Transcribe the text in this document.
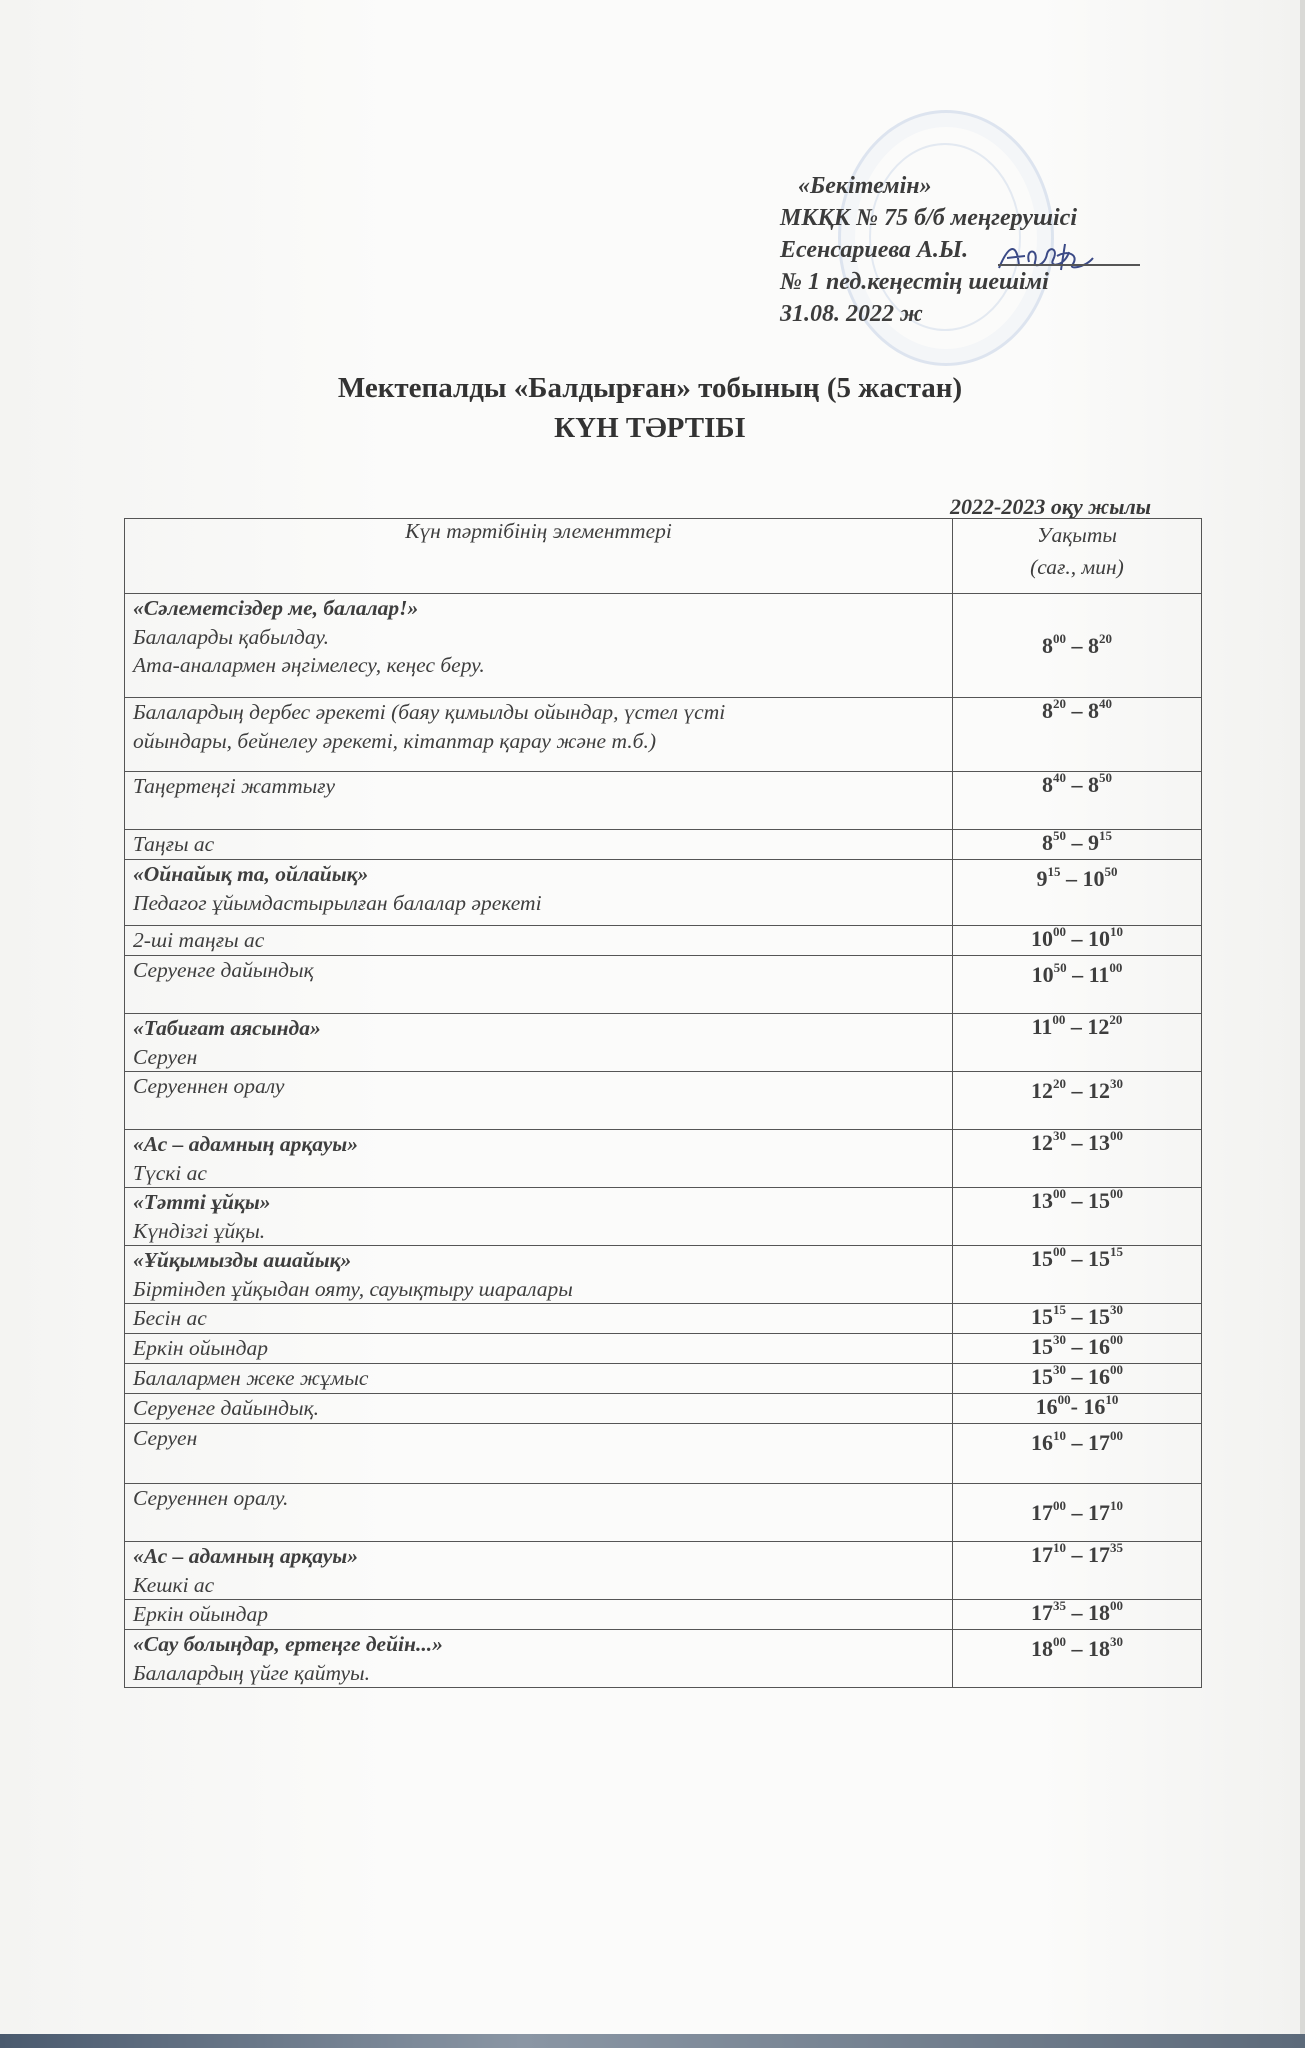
«Бекітемін»
МКҚК № 75 б/б меңгерушісі
Есенсариева А.Ы.
№ 1 пед.кеңестің шешімі
31.08. 2022 ж
Мектепалды «Балдырған» тобының (5 жастан)
КҮН ТӘРТІБІ
2022-2023 оқу жылы
Күн тәртібінің элементтері	Уақыты
(сағ., мин)

«Сәлеметсіздер ме, балалар!»
Балаларды қабылдау.
Ата-аналармен әңгімелесу, кеңес беру.	$8^{00} - 8^{20}$

Балалардың дербес әрекеті (баяу қимылды ойындар, үстел үсті
ойындары, бейнелеу әрекеті, кітаптар қарау және т.б.)	$8^{20} - 8^{40}$

Таңертеңгі жаттығу	$8^{40} - 8^{50}$

Таңғы ас	$8^{50} - 9^{15}$

«Ойнайық та, ойлайық»
Педагог ұйымдастырылған балалар әрекеті	$9^{15} - 10^{50}$

2-ші таңғы ас	$10^{00} - 10^{10}$

Серуенге дайындық	$10^{50} - 11^{00}$

«Табиғат аясында»
Серуен	$11^{00} - 12^{20}$

Серуеннен оралу	$12^{20} - 12^{30}$

«Ас – адамның арқауы»
Түскі ас	$12^{30} - 13^{00}$

«Тәтті ұйқы»
Күндізгі ұйқы.	$13^{00} - 15^{00}$

«Ұйқымызды ашайық»
Біртіндеп ұйқыдан ояту, сауықтыру шаралары	$15^{00} - 15^{15}$

Бесін ас	$15^{15} - 15^{30}$

Еркін ойындар	$15^{30} - 16^{00}$

Балалармен жеке жұмыс	$15^{30} - 16^{00}$

Серуенге дайындық.	$16^{00}-$ $16^{10}$

Серуен	$16^{10} - 17^{00}$

Серуеннен оралу.	$17^{00} - 17^{10}$

«Ас – адамның арқауы»
Кешкі ас	$17^{10} - 17^{35}$

Еркін ойындар	$17^{35} - 18^{00}$

«Сау болыңдар, ертеңге дейін...»
Балалардың үйге қайтуы.	$18^{00} - 18^{30}$
